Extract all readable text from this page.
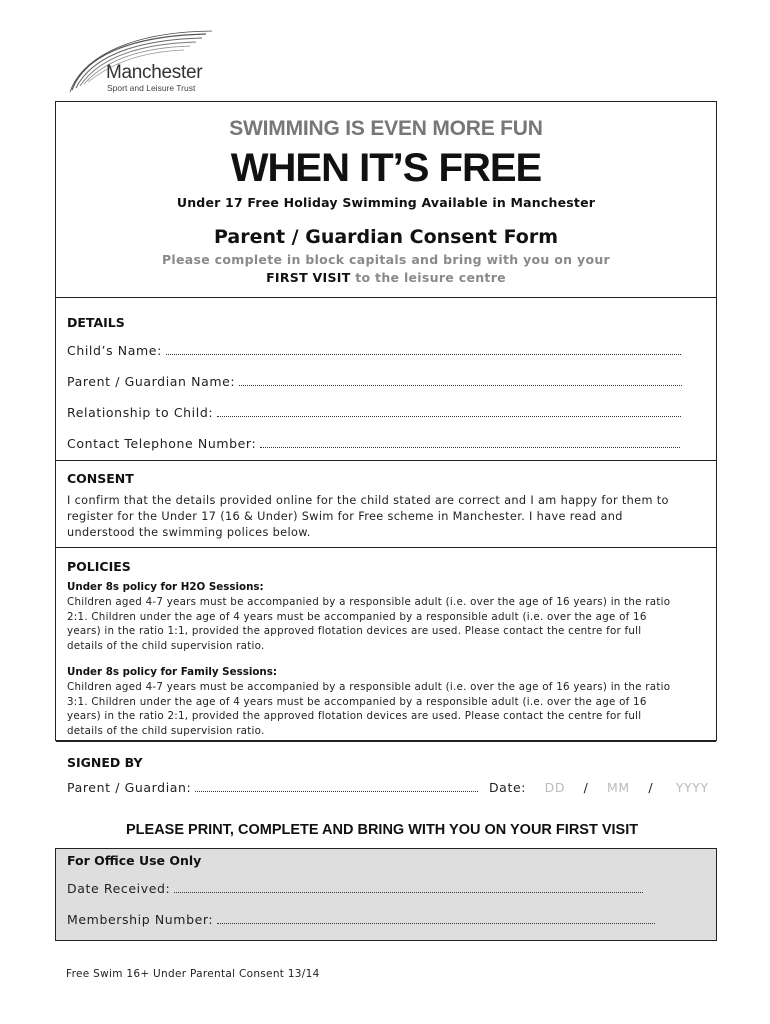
Manchester
Sport and Leisure Trust
SWIMMING IS EVEN MORE FUN
WHEN IT’S FREE
Under 17 Free Holiday Swimming Available in Manchester
Parent / Guardian Consent Form
Please complete in block capitals and bring with you on your
FIRST VISIT to the leisure centre
DETAILS
Child’s Name:
Parent / Guardian Name:
Relationship to Child:
Contact Telephone Number:
CONSENT
I confirm that the details provided online for the child stated are correct and I am happy for them to
register for the Under 17 (16 & Under) Swim for Free scheme in Manchester. I have read and
understood the swimming polices below.
POLICIES
Under 8s policy for H2O Sessions:
Children aged 4-7 years must be accompanied by a responsible adult (i.e. over the age of 16 years) in the ratio
2:1. Children under the age of 4 years must be accompanied by a responsible adult (i.e. over the age of 16
years) in the ratio 1:1, provided the approved flotation devices are used. Please contact the centre for full
details of the child supervision ratio.
Under 8s policy for Family Sessions:
Children aged 4-7 years must be accompanied by a responsible adult (i.e. over the age of 16 years) in the ratio
3:1. Children under the age of 4 years must be accompanied by a responsible adult (i.e. over the age of 16
years) in the ratio 2:1, provided the approved flotation devices are used. Please contact the centre for full
details of the child supervision ratio.
SIGNED BY
Parent / Guardian:	Date: DD / MM / YYYY
PLEASE PRINT, COMPLETE AND BRING WITH YOU ON YOUR FIRST VISIT
For Office Use Only
Date Received:
Membership Number:
Free Swim 16+ Under Parental Consent 13/14
